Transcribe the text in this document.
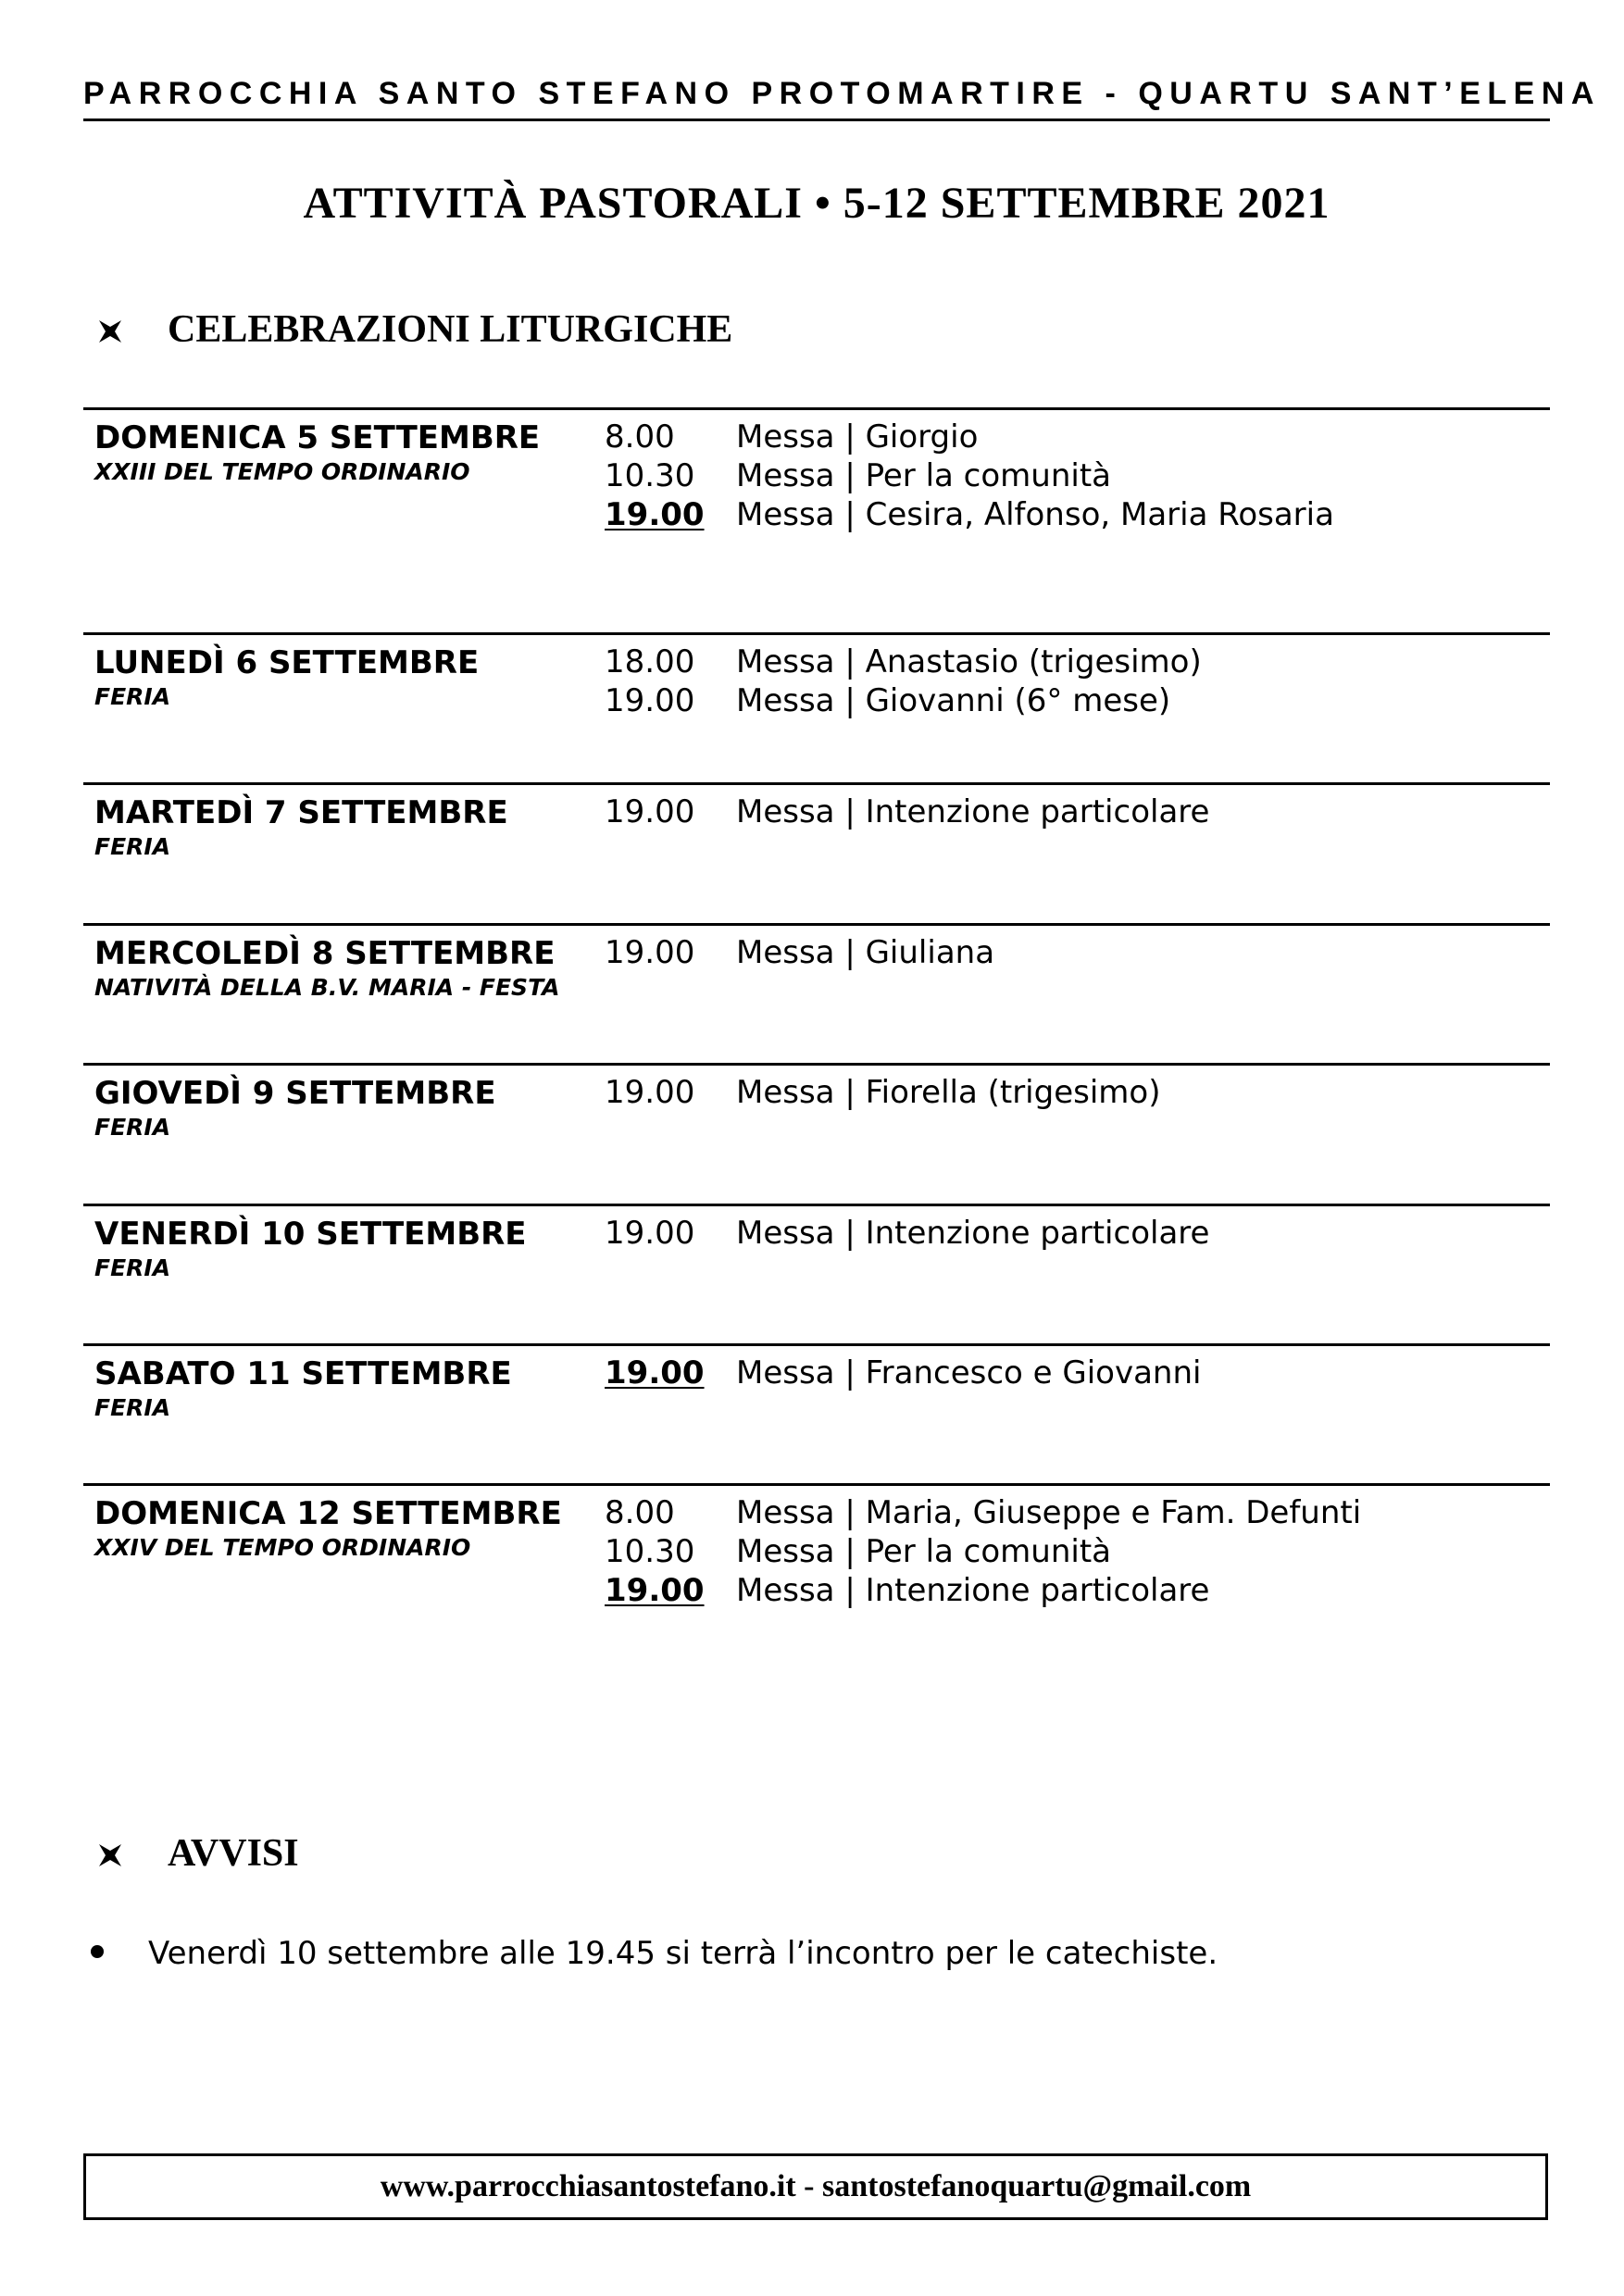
PARROCCHIA SANTO STEFANO PROTOMARTIRE - QUARTU SANT’ELENA
ATTIVITÀ PASTORALI • 5-12 SETTEMBRE 2021
CELEBRAZIONI LITURGICHE
DOMENICA 5 SETTEMBRE
XXIII DEL TEMPO ORDINARIO
8.00 Messa | Giorgio
10.30 Messa | Per la comunità
19.00 Messa | Cesira, Alfonso, Maria Rosaria
LUNEDÌ 6 SETTEMBRE
FERIA
18.00 Messa | Anastasio (trigesimo)
19.00 Messa | Giovanni (6° mese)
MARTEDÌ 7 SETTEMBRE
FERIA
19.00 Messa | Intenzione particolare
MERCOLEDÌ 8 SETTEMBRE
NATIVITÀ DELLA B.V. MARIA - FESTA
19.00 Messa | Giuliana
GIOVEDÌ 9 SETTEMBRE
FERIA
19.00 Messa | Fiorella (trigesimo)
VENERDÌ 10 SETTEMBRE
FERIA
19.00 Messa | Intenzione particolare
SABATO 11 SETTEMBRE
FERIA
19.00 Messa | Francesco e Giovanni
DOMENICA 12 SETTEMBRE
XXIV DEL TEMPO ORDINARIO
8.00 Messa | Maria, Giuseppe e Fam. Defunti
10.30 Messa | Per la comunità
19.00 Messa | Intenzione particolare
AVVISI
Venerdì 10 settembre alle 19.45 si terrà l’incontro per le catechiste.
www.parrocchiasantostefano.it - santostefanoquartu@gmail.com
